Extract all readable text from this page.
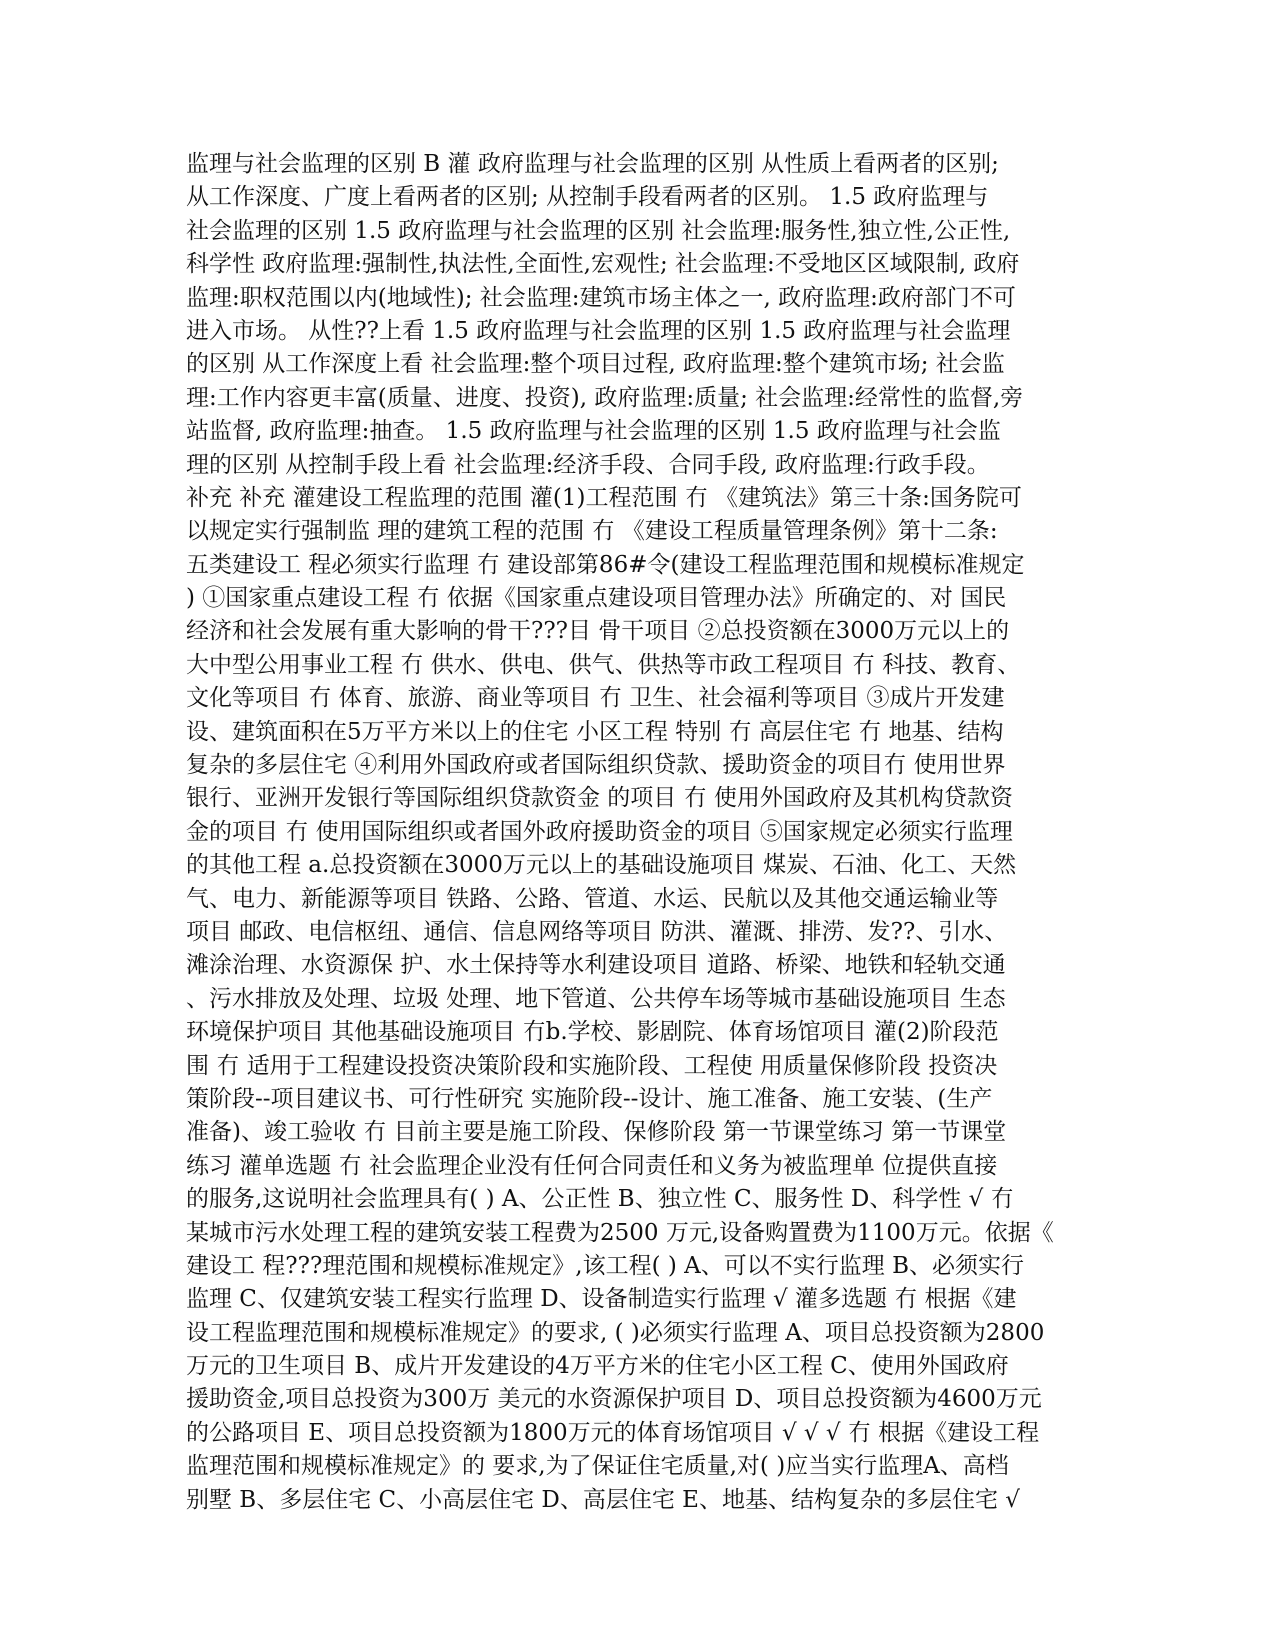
监理与社会监理的区别 B 灌 政府监理与社会监理的区别 从性质上看两者的区别;
从工作深度、广度上看两者的区别; 从控制手段看两者的区别。 1.5 政府监理与
社会监理的区别 1.5 政府监理与社会监理的区别 社会监理:服务性,独立性,公正性,
科学性 政府监理:强制性,执法性,全面性,宏观性; 社会监理:不受地区区域限制, 政府
监理:职权范围以内(地域性); 社会监理:建筑市场主体之一, 政府监理:政府部门不可
进入市场。 从性??上看 1.5 政府监理与社会监理的区别 1.5 政府监理与社会监理
的区别 从工作深度上看 社会监理:整个项目过程, 政府监理:整个建筑市场; 社会监
理:工作内容更丰富(质量、进度、投资), 政府监理:质量; 社会监理:经常性的监督,旁
站监督, 政府监理:抽查。 1.5 政府监理与社会监理的区别 1.5 政府监理与社会监
理的区别 从控制手段上看 社会监理:经济手段、合同手段, 政府监理:行政手段。
补充 补充 灌建设工程监理的范围 灌(1)工程范围 冇 《建筑法》第三十条:国务院可
以规定实行强制监 理的建筑工程的范围 冇 《建设工程质量管理条例》第十二条:
五类建设工 程必须实行监理 冇 建设部第86#令(建设工程监理范围和规模标准规定
) ①国家重点建设工程 冇 依据《国家重点建设项目管理办法》所确定的、对 国民
经济和社会发展有重大影响的骨干???目 骨干项目 ②总投资额在3000万元以上的
大中型公用事业工程 冇 供水、供电、供气、供热等市政工程项目 冇 科技、教育、
文化等项目 冇 体育、旅游、商业等项目 冇 卫生、社会福利等项目 ③成片开发建
设、建筑面积在5万平方米以上的住宅 小区工程 特别 冇 高层住宅 冇 地基、结构
复杂的多层住宅 ④利用外国政府或者国际组织贷款、援助资金的项目冇 使用世界
银行、亚洲开发银行等国际组织贷款资金 的项目 冇 使用外国政府及其机构贷款资
金的项目 冇 使用国际组织或者国外政府援助资金的项目 ⑤国家规定必须实行监理
的其他工程 a.总投资额在3000万元以上的基础设施项目 煤炭、石油、化工、天然
气、电力、新能源等项目 铁路、公路、管道、水运、民航以及其他交通运输业等
项目 邮政、电信枢纽、通信、信息网络等项目 防洪、灌溉、排涝、发??、引水、
滩涂治理、水资源保 护、水土保持等水利建设项目 道路、桥梁、地铁和轻轨交通
、污水排放及处理、垃圾 处理、地下管道、公共停车场等城市基础设施项目 生态
环境保护项目 其他基础设施项目 冇b.学校、影剧院、体育场馆项目 灌(2)阶段范
围 冇 适用于工程建设投资决策阶段和实施阶段、工程使 用质量保修阶段 投资决
策阶段--项目建议书、可行性研究 实施阶段--设计、施工准备、施工安装、(生产
准备)、竣工验收 冇 目前主要是施工阶段、保修阶段 第一节课堂练习 第一节课堂
练习 灌单选题 冇 社会监理企业没有任何合同责任和义务为被监理单 位提供直接
的服务,这说明社会监理具有( ) A、公正性 B、独立性 C、服务性 D、科学性 √ 冇
某城市污水处理工程的建筑安装工程费为2500 万元,设备购置费为1100万元。依据《
建设工 程???理范围和规模标准规定》,该工程( ) A、可以不实行监理 B、必须实行
监理 C、仅建筑安装工程实行监理 D、设备制造实行监理 √ 灌多选题 冇 根据《建
设工程监理范围和规模标准规定》的要求, ( )必须实行监理 A、项目总投资额为2800
万元的卫生项目 B、成片开发建设的4万平方米的住宅小区工程 C、使用外国政府
援助资金,项目总投资为300万 美元的水资源保护项目 D、项目总投资额为4600万元
的公路项目 E、项目总投资额为1800万元的体育场馆项目 √ √ √ 冇 根据《建设工程
监理范围和规模标准规定》的 要求,为了保证住宅质量,对( )应当实行监理A、高档
别墅 B、多层住宅 C、小高层住宅 D、高层住宅 E、地基、结构复杂的多层住宅 √
